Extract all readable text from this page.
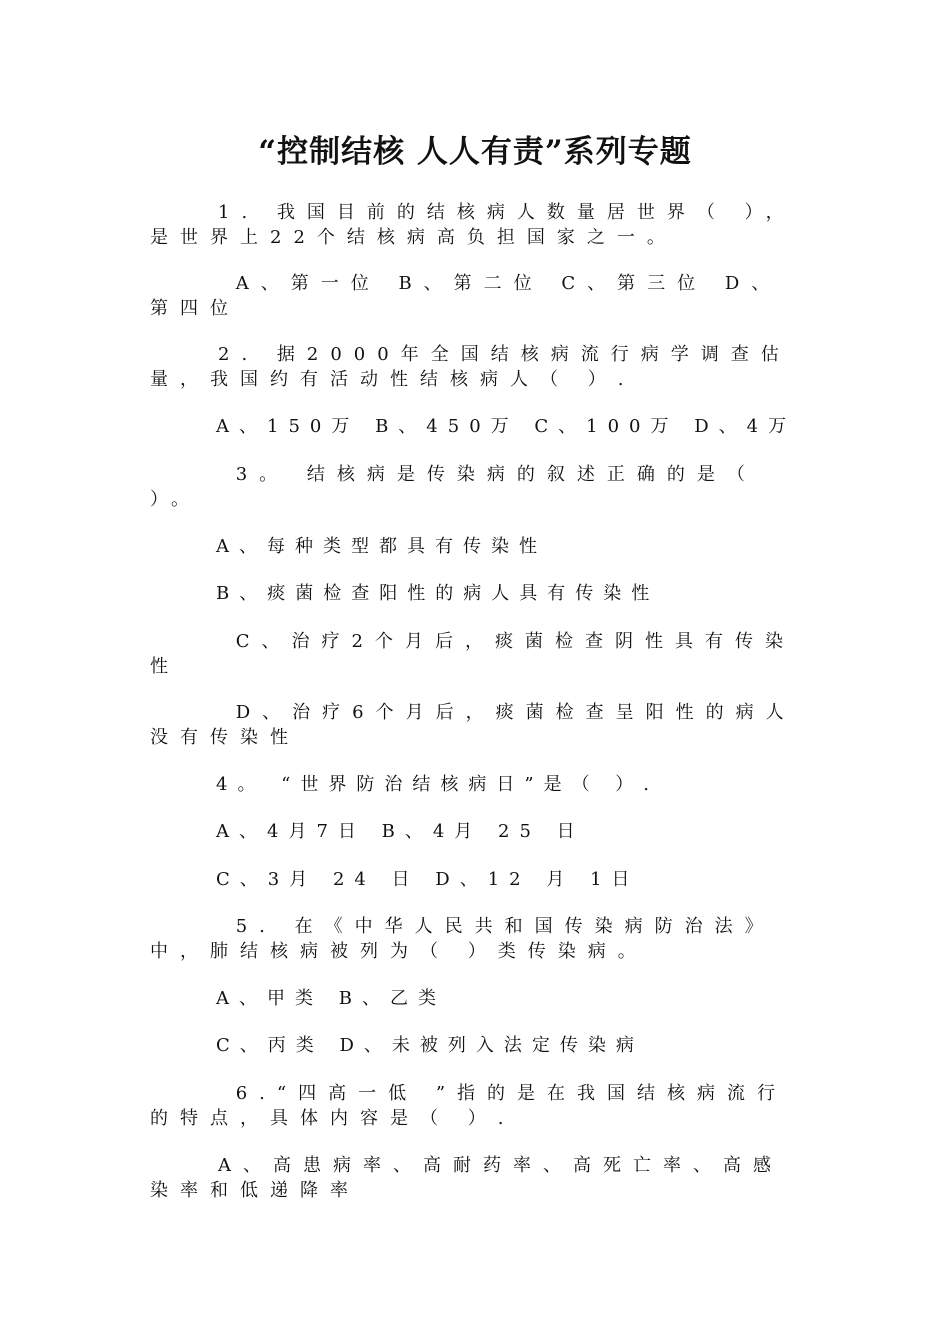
“控制结核 人人有责”系列专题

1. 我国目前的结核病人数量居世界（ ），是世界上22个结核病高负担国家之一。

A、第一位 B、第二位 C、第三位 D、第四位

2. 据2000年全国结核病流行病学调查估量，我国约有活动性结核病人（ ）.

A、150万 B、450万 C、100万 D、4万

3。 结核病是传染病的叙述正确的是（ ）。

A、每种类型都具有传染性

B、痰菌检查阳性的病人具有传染性

C、治疗2个月后，痰菌检查阴性具有传染性

D、治疗6个月后，痰菌检查呈阳性的病人没有传染性

4。 “世界防治结核病日”是（ ）.

A、4月7日 B、4月 25 日

C、3月 24 日 D、12 月 1日

5. 在《中华人民共和国传染病防治法》中，肺结核病被列为（ ）类传染病。

A、甲类 B、乙类

C、丙类 D、未被列入法定传染病

6.“四高一低 ”指的是在我国结核病流行的特点，具体内容是（ ）.

A、高患病率、高耐药率、高死亡率、高感染率和低递降率
